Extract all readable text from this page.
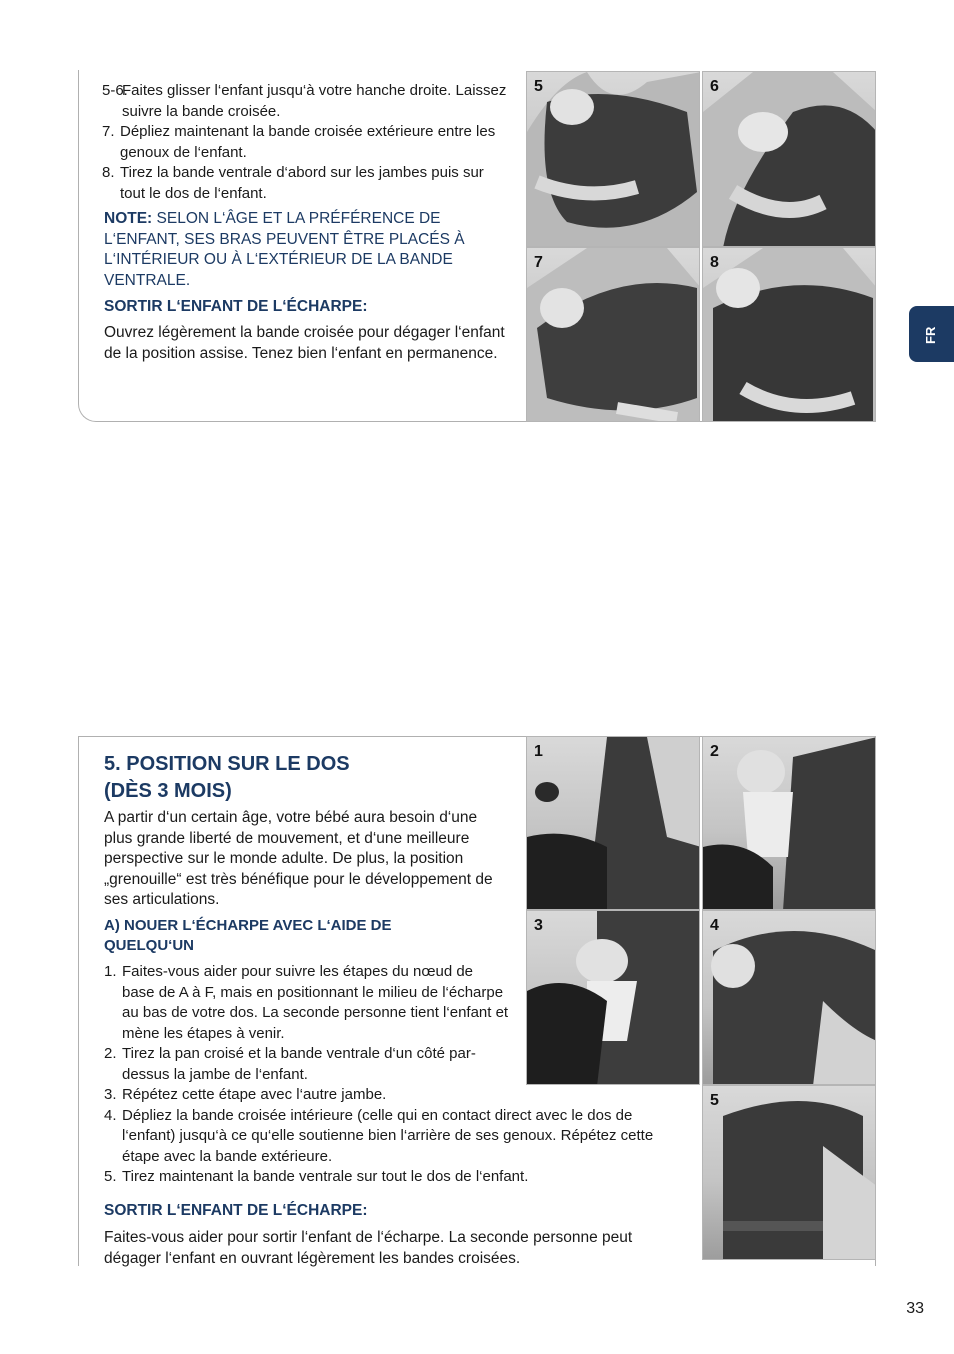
5-6.
Faites glisser l‘enfant jusqu‘à votre hanche droite. Laissez suivre la bande croisée.
7. Dépliez maintenant la bande croisée extérieure entre les genoux de l‘enfant.
8. Tirez la bande ventrale d‘abord sur les jambes puis sur tout le dos de l‘enfant.
NOTE: SELON L‘ÂGE ET LA PRÉFÉRENCE DE L‘ENFANT, SES BRAS PEUVENT ÊTRE PLACÉS À L‘INTÉRIEUR OU À L‘EXTÉRIEUR DE LA BANDE VENTRALE.
SORTIR L‘ENFANT DE L‘ÉCHARPE:

Ouvrez légèrement la bande croisée pour dégager l‘enfant de la position assise. Tenez bien l‘enfant en permanence.

5	6
7	8
FR
5. POSITION SUR LE DOS
(DÈS 3 MOIS)

A partir d‘un certain âge, votre bébé aura besoin d‘une plus grande liberté de mouvement, et d‘une meilleure perspective sur le monde adulte. De plus, la position „grenouille“ est très bénéfique pour le développement de ses articulations.

A) NOUER L‘ÉCHARPE AVEC L‘AIDE DE QUELQU‘UN
1. Faites-vous aider pour suivre les étapes du nœud de base de A à F, mais en positionnant le milieu de l‘écharpe au bas de votre dos. La seconde personne tient l‘enfant et mène les étapes à venir.
2. Tirez la pan croisé et la bande ventrale d‘un côté par-dessus la jambe de l‘enfant.
3. Répétez cette étape avec l‘autre jambe.
4. Dépliez la bande croisée intérieure (celle qui en contact direct avec le dos de l‘enfant) jusqu‘à ce qu‘elle soutienne bien l‘arrière de ses genoux. Répétez cette étape avec la bande extérieure.
5. Tirez maintenant la bande ventrale sur tout le dos de l‘enfant.
SORTIR L‘ENFANT DE L‘ÉCHARPE:

Faites-vous aider pour sortir l‘enfant de l‘écharpe. La seconde personne peut dégager l‘enfant en ouvrant légèrement les bandes croisées.

1	2
3	4
5
33
